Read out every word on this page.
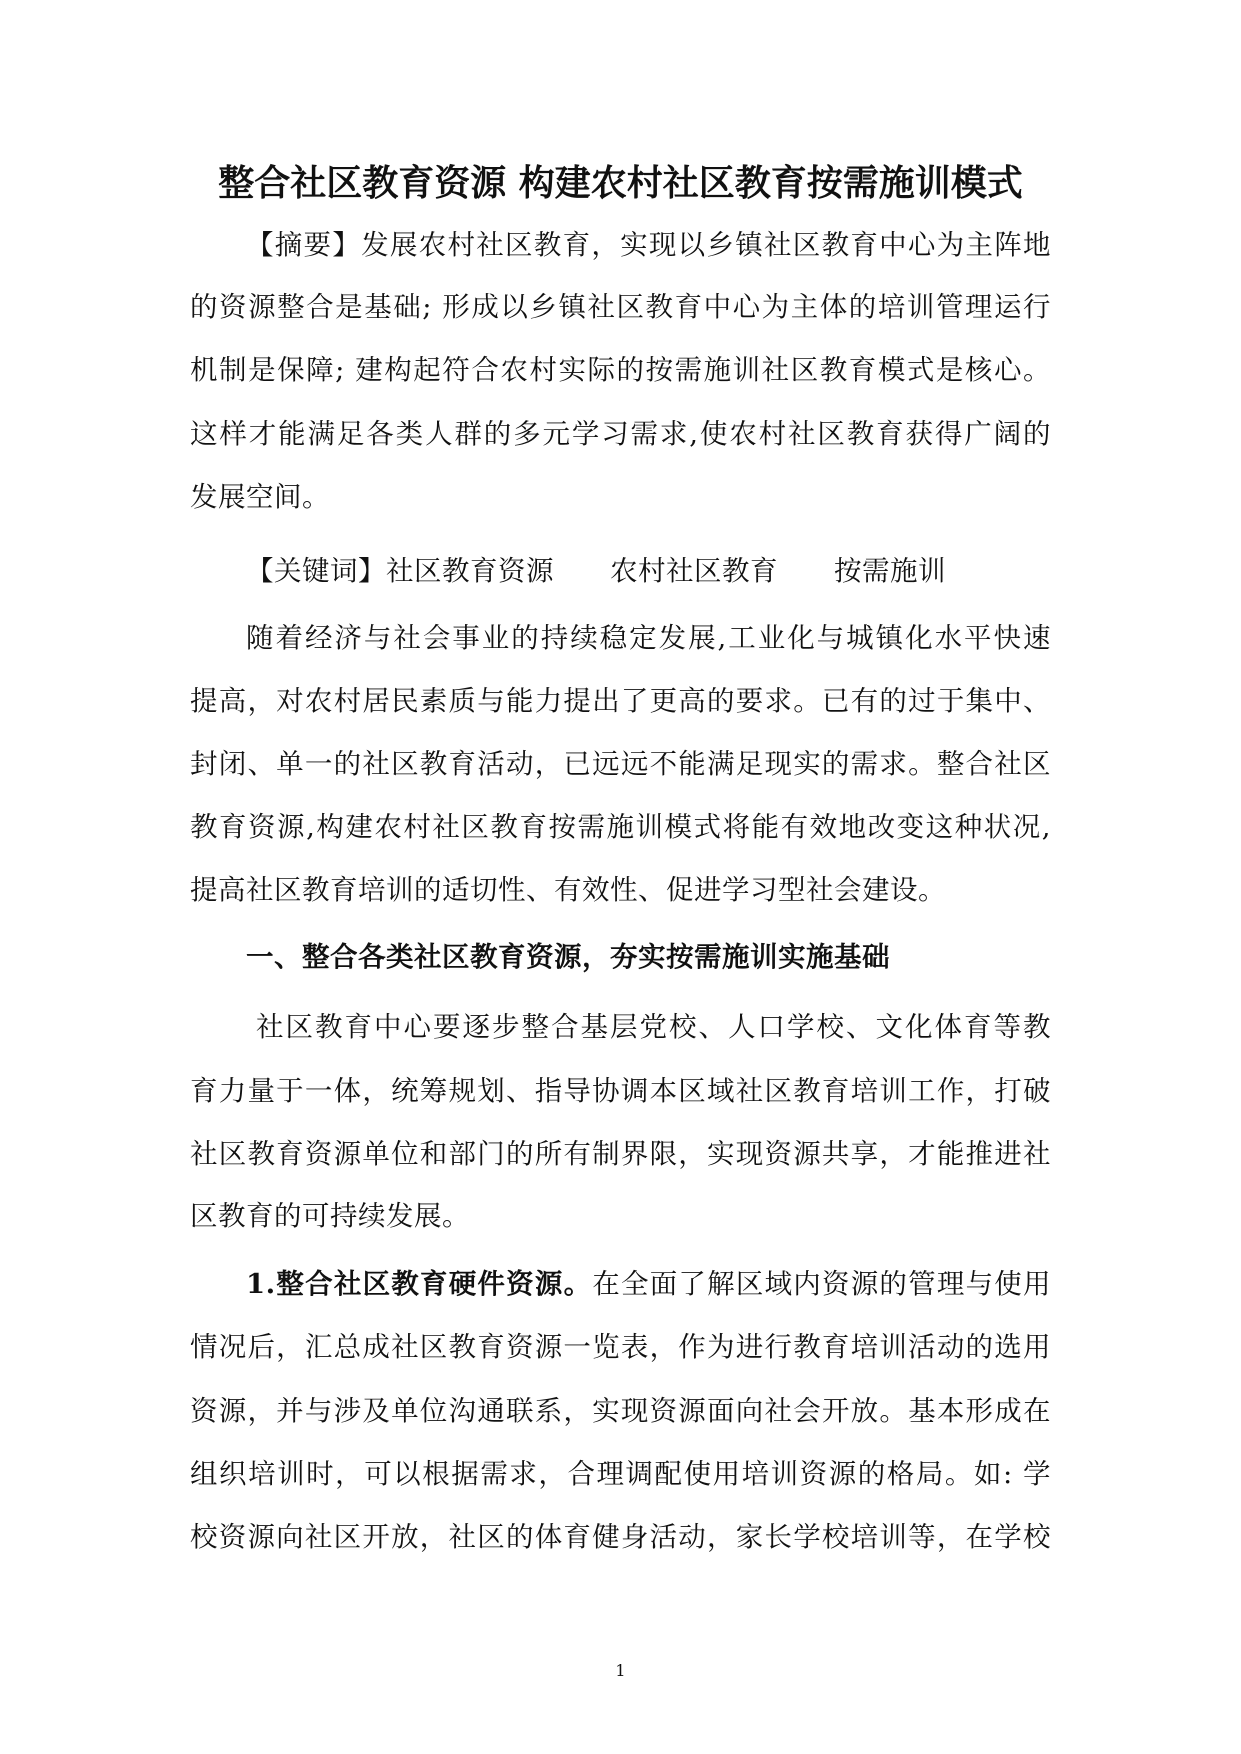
整合社区教育资源 构建农村社区教育按需施训模式
【摘要】发展农村社区教育，实现以乡镇社区教育中心为主阵地
的资源整合是基础; 形成以乡镇社区教育中心为主体的培训管理运行
机制是保障; 建构起符合农村实际的按需施训社区教育模式是核心。
这样才能满足各类人群的多元学习需求,使农村社区教育获得广阔的
发展空间。
【关键词】社区教育资源 农村社区教育 按需施训
随着经济与社会事业的持续稳定发展,工业化与城镇化水平快速
提高，对农村居民素质与能力提出了更高的要求。已有的过于集中、
封闭、单一的社区教育活动，已远远不能满足现实的需求。整合社区
教育资源,构建农村社区教育按需施训模式将能有效地改变这种状况,
提高社区教育培训的适切性、有效性、促进学习型社会建设。
一、整合各类社区教育资源，夯实按需施训实施基础
社区教育中心要逐步整合基层党校、人口学校、文化体育等教
育力量于一体，统筹规划、指导协调本区域社区教育培训工作，打破
社区教育资源单位和部门的所有制界限，实现资源共享，才能推进社
区教育的可持续发展。
1.整合社区教育硬件资源。在全面了解区域内资源的管理与使用
情况后，汇总成社区教育资源一览表，作为进行教育培训活动的选用
资源，并与涉及单位沟通联系，实现资源面向社会开放。基本形成在
组织培训时，可以根据需求，合理调配使用培训资源的格局。如: 学
校资源向社区开放，社区的体育健身活动，家长学校培训等，在学校
1
